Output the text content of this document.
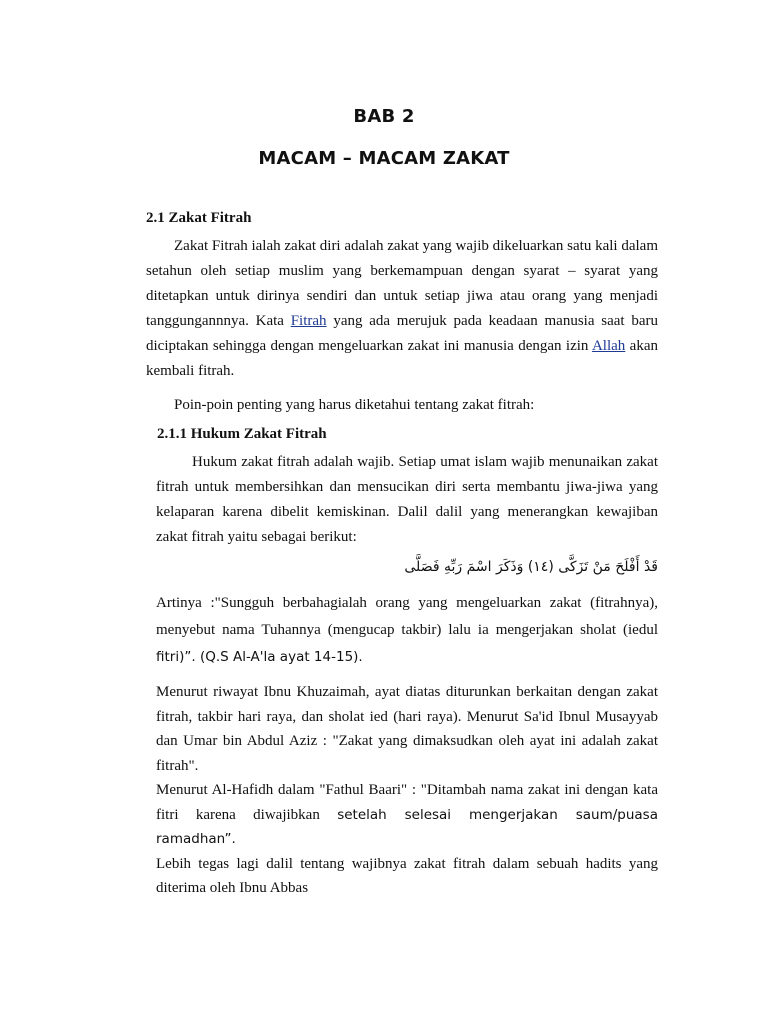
BAB 2
MACAM – MACAM ZAKAT
2.1 Zakat Fitrah

Zakat Fitrah ialah zakat diri adalah zakat yang wajib dikeluarkan satu kali dalam setahun oleh setiap muslim yang berkemampuan dengan syarat – syarat yang ditetapkan untuk dirinya sendiri dan untuk setiap jiwa atau orang yang menjadi tanggungannnya. Kata Fitrah yang ada merujuk pada keadaan manusia saat baru diciptakan sehingga dengan mengeluarkan zakat ini manusia dengan izin Allah akan kembali fitrah.

Poin-poin penting yang harus diketahui tentang zakat fitrah:

2.1.1 Hukum Zakat Fitrah

Hukum zakat fitrah adalah wajib. Setiap umat islam wajib menunaikan zakat fitrah untuk membersihkan dan mensucikan diri serta membantu jiwa-jiwa yang kelaparan karena dibelit kemiskinan. Dalil dalil yang menerangkan kewajiban zakat fitrah yaitu sebagai berikut:

قَدْ أَفْلَحَ مَنْ تَزَكَّى (١٤) وَذَكَرَ اسْمَ رَبِّهِ فَصَلَّى

Artinya :"Sungguh berbahagialah orang yang mengeluarkan zakat (fitrahnya), menyebut nama Tuhannya (mengucap takbir) lalu ia mengerjakan sholat (iedul fitri)”. (Q.S Al-A'la ayat 14-15).

Menurut riwayat Ibnu Khuzaimah, ayat diatas diturunkan berkaitan dengan zakat fitrah, takbir hari raya, dan sholat ied (hari raya). Menurut Sa'id Ibnul Musayyab dan Umar bin Abdul Aziz : "Zakat yang dimaksudkan oleh ayat ini adalah zakat fitrah".
Menurut Al-Hafidh dalam "Fathul Baari" : "Ditambah nama zakat ini dengan kata fitri karena diwajibkan setelah selesai mengerjakan saum/puasa ramadhan”.
Lebih tegas lagi dalil tentang wajibnya zakat fitrah dalam sebuah hadits yang diterima oleh Ibnu Abbas
